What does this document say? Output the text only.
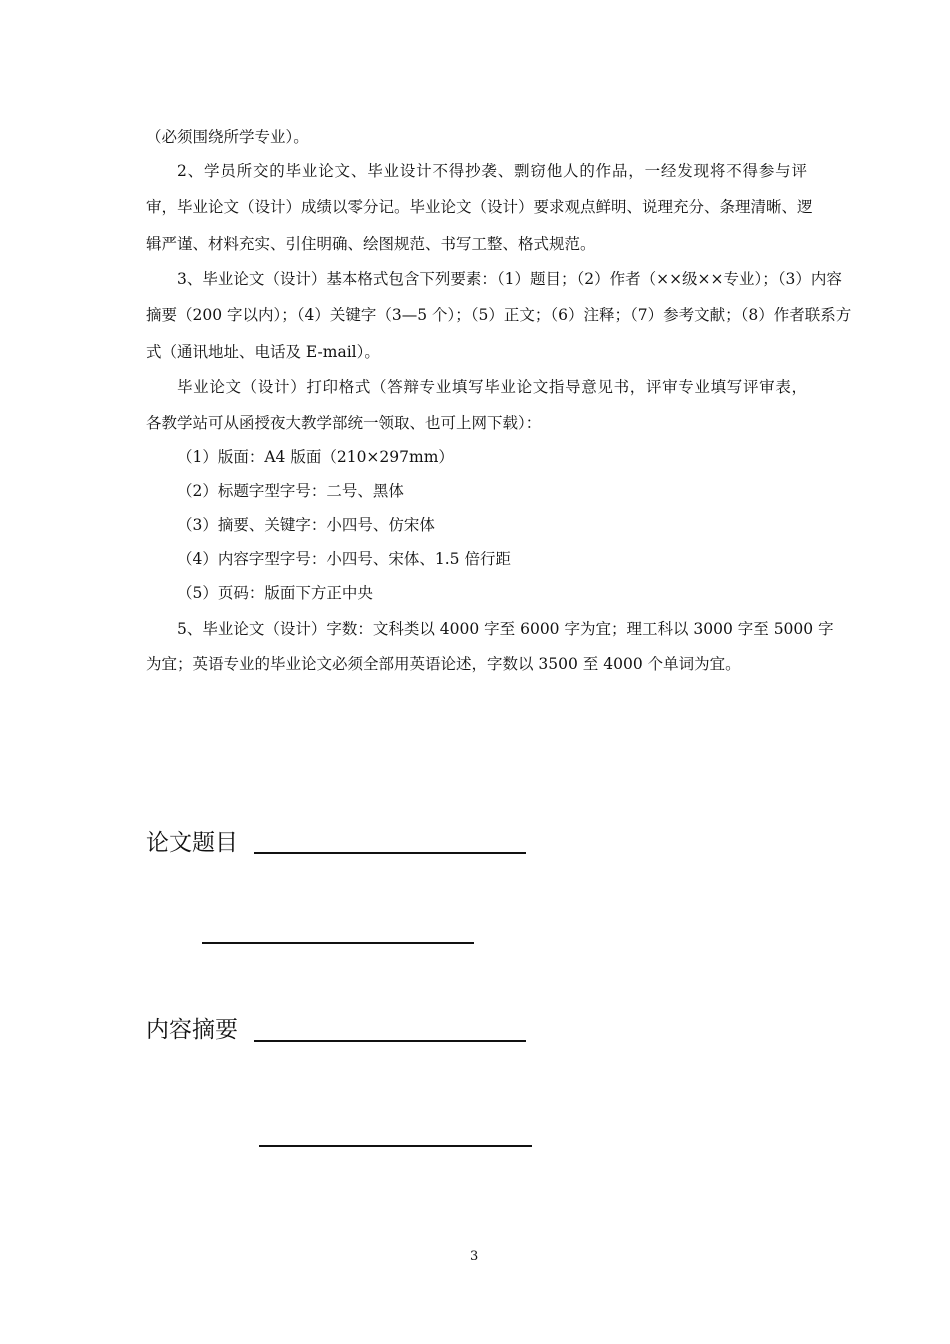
（必须围绕所学专业）。
2、学员所交的毕业论文、毕业设计不得抄袭、剽窃他人的作品，一经发现将不得参与评
审，毕业论文（设计）成绩以零分记。毕业论文（设计）要求观点鲜明、说理充分、条理清晰、逻
辑严谨、材料充实、引住明确、绘图规范、书写工整、格式规范。
3、毕业论文（设计）基本格式包含下列要素：（1）题目；（2）作者（××级××专业）；（3）内容
摘要（200 字以内）；（4）关键字（3—5 个）；（5）正文；（6）注释；（7）参考文献；（8）作者联系方
式（通讯地址、电话及 E-mail）。
毕业论文（设计）打印格式（答辩专业填写毕业论文指导意见书，评审专业填写评审表，
各教学站可从函授夜大教学部统一领取、也可上网下载）：
（1）版面：A4 版面（210×297mm）
（2）标题字型字号：二号、黑体
（3）摘要、关键字：小四号、仿宋体
（4）内容字型字号：小四号、宋体、1.5 倍行距
（5）页码：版面下方正中央
5、毕业论文（设计）字数：文科类以 4000 字至 6000 字为宜；理工科以 3000 字至 5000 字
为宜；英语专业的毕业论文必须全部用英语论述，字数以 3500 至 4000 个单词为宜。
论文题目
内容摘要
3
